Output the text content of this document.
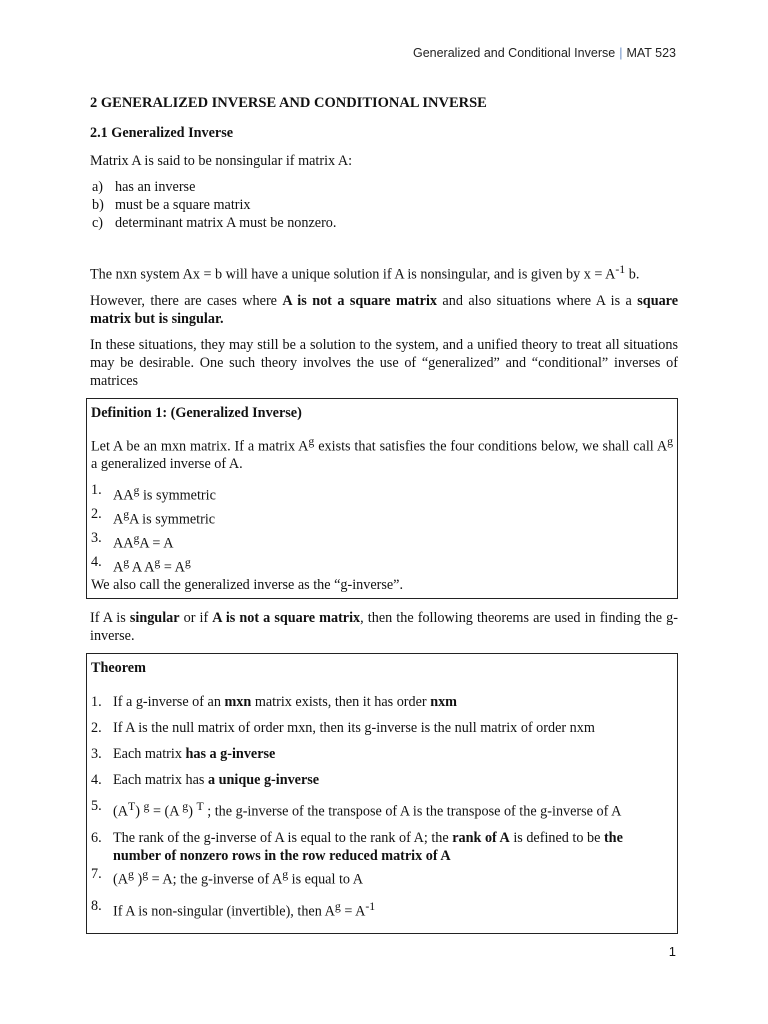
Generalized and Conditional Inverse | MAT 523
2 GENERALIZED INVERSE AND CONDITIONAL INVERSE
2.1 Generalized Inverse

Matrix A is said to be nonsingular if matrix A:

a) has an inverse
b) must be a square matrix
c) determinant matrix A must be nonzero.

The nxn system Ax = b will have a unique solution if A is nonsingular, and is given by $x = A^{-1}$ b.

However, there are cases where A is not a square matrix and also situations where A is a square matrix but is singular.

In these situations, they may still be a solution to the system, and a unified theory to treat all situations may be desirable. One such theory involves the use of “generalized” and “conditional” inverses of matrices

Definition 1: (Generalized Inverse)

Let A be an mxn matrix. If a matrix $A^g$ exists that satisfies the four conditions below, we shall call $A^g$ a generalized inverse of A.

1. $AA^g$ is symmetric
2. $A^gA$ is symmetric
3. $AA^gA = A$
4. $A^g$ A $A^g = A^g$
We also call the generalized inverse as the “g-inverse”.

If A is singular or if A is not a square matrix, then the following theorems are used in finding the g-inverse.

Theorem
1. If a g-inverse of an mxn matrix exists, then it has order nxm
2. If A is the null matrix of order mxn, then its g-inverse is the null matrix of order nxm
3. Each matrix has a g-inverse
4. Each matrix has a unique g-inverse
5. $(A^T) ^g = (A$ $^g$) $^T$ ; the g-inverse of the transpose of A is the transpose of the g-inverse of A
6. The rank of the g-inverse of A is equal to the rank of A; the rank of A is defined to be the number of nonzero rows in the row reduced matrix of A
7. ($A^g$ )$^g$ = A; the g-inverse of $A^g$ is equal to A
8. If A is non-singular (invertible), then $A^g = A^{-1}$
1
